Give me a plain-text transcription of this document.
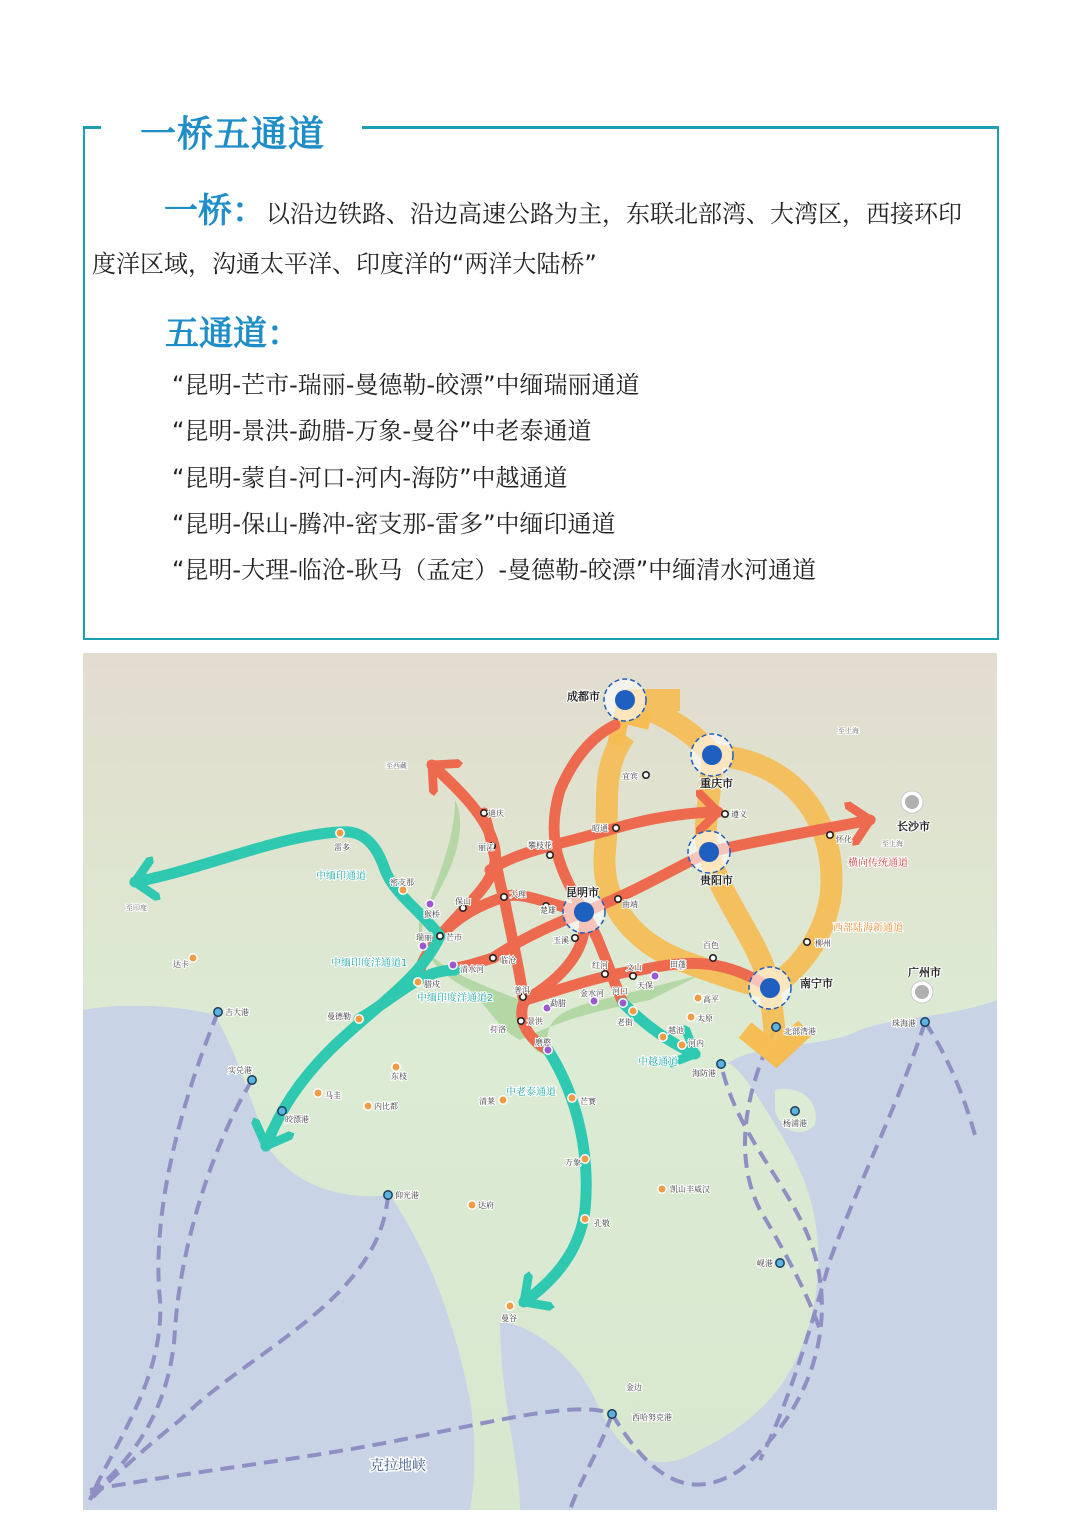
一桥五通道
一桥：以沿边铁路、沿边高速公路为主，东联北部湾、大湾区，西接环印度洋区域，沟通太平洋、印度洋的“两洋大陆桥”
五通道：
“昆明-芒市-瑞丽-曼德勒-皎漂”中缅瑞丽通道
“昆明-景洪-勐腊-万象-曼谷”中老泰通道
“昆明-蒙自-河口-河内-海防”中越通道
“昆明-保山-腾冲-密支那-雷多”中缅印通道
“昆明-大理-临沧-耿马（孟定）-曼德勒-皎漂”中缅清水河通道
成都市
重庆市
贵阳市
昆明市
南宁市
长沙市
广州市
迪庆
丽江	攀枝花
大理
保山
楚雄
玉溪
芒市
瑞丽
猴桥
临沧
清水河
普洱
景洪
磨憨
打洛
勐腊
宜宾
昭通
遵义
曲靖
怀化
柳州
百色
红河 文山	田蓬
天保
金水河 河口
老街
高平
太原
越池
河内
海防港
北部湾港
珠海港
杨浦港
岘港
西哈努克港
金边
曼谷
孔敬
万象
芒赛
清莱
凯山丰威汉
达府
仰光港
皎漂港
实兑港
马圭
内比都
东枝
曼德勒
腊戍
密支那
雷多
达卡
吉大港
中缅印通道
中缅印度洋通道1
中缅印度洋通道2
中老泰通道
中越通道
横向传统通道
西部陆海新通道
克拉地峡
至印度
至西藏
至上海
至上海
